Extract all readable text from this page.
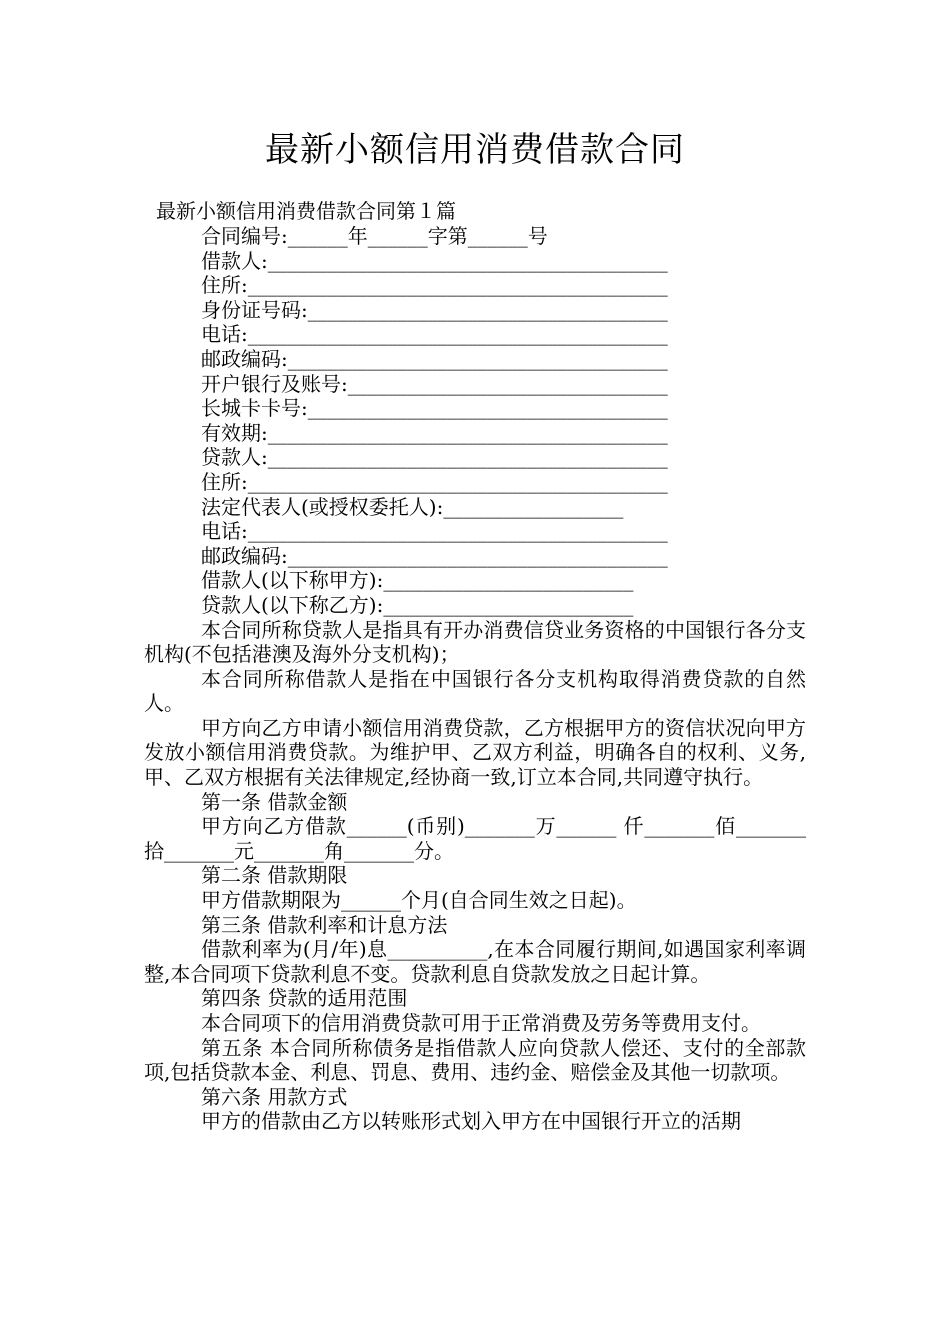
最新小额信用消费借款合同
最新小额信用消费借款合同第１篇
合同编号:______年______字第______号
借款人:________________________________________
住所:__________________________________________
身份证号码:____________________________________
电话:__________________________________________
邮政编码:______________________________________
开户银行及账号:________________________________
长城卡卡号:____________________________________
有效期:________________________________________
贷款人:________________________________________
住所:__________________________________________
法定代表人(或授权委托人):__________________
电话:__________________________________________
邮政编码:______________________________________
借款人(以下称甲方):_________________________
贷款人(以下称乙方):_________________________
本合同所称贷款人是指具有开办消费信贷业务资格的中国银行各分支机构(不包括港澳及海外分支机构)；
本合同所称借款人是指在中国银行各分支机构取得消费贷款的自然人。
甲方向乙方申请小额信用消费贷款，乙方根据甲方的资信状况向甲方发放小额信用消费贷款。为维护甲、乙双方利益，明确各自的权利、义务,甲、乙双方根据有关法律规定,经协商一致,订立本合同,共同遵守执行。
第一条 借款金额
甲方向乙方借款______(币别)_______万______ 仟_______佰_______拾_______元_______角_______分。
第二条 借款期限
甲方借款期限为______个月(自合同生效之日起)。
第三条 借款利率和计息方法
借款利率为(月/年)息__________,在本合同履行期间,如遇国家利率调整,本合同项下贷款利息不变。贷款利息自贷款发放之日起计算。
第四条 贷款的适用范围
本合同项下的信用消费贷款可用于正常消费及劳务等费用支付。
第五条 本合同所称债务是指借款人应向贷款人偿还、支付的全部款项,包括贷款本金、利息、罚息、费用、违约金、赔偿金及其他一切款项。
第六条 用款方式
甲方的借款由乙方以转账形式划入甲方在中国银行开立的活期
